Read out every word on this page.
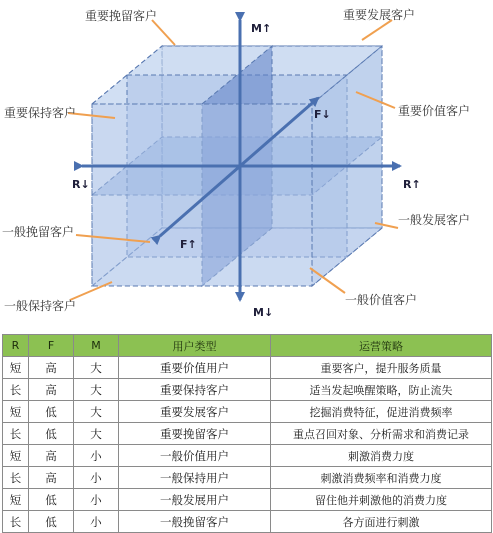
M↑
M↓
R↓	R↑
F↓
F↑
重要挽留客户	重要发展客户
重要保持客户	重要价值客户
一般挽留客户
一般发展客户
一般保持客户	一般价值客户
R	F	M	用户类型	运营策略
短	高	大	重要价值用户	重要客户，提升服务质量
长	高	大	重要保持客户	适当发起唤醒策略，防止流失
短	低	大	重要发展客户	挖掘消费特征，促进消费频率
长	低	大	重要挽留客户	重点召回对象、分析需求和消费记录
短	高	小	一般价值用户	刺激消费力度
长	高	小	一般保持用户	刺激消费频率和消费力度
短	低	小	一般发展用户	留住他并刺激他的消费力度
长	低	小	一般挽留客户	各方面进行刺激
